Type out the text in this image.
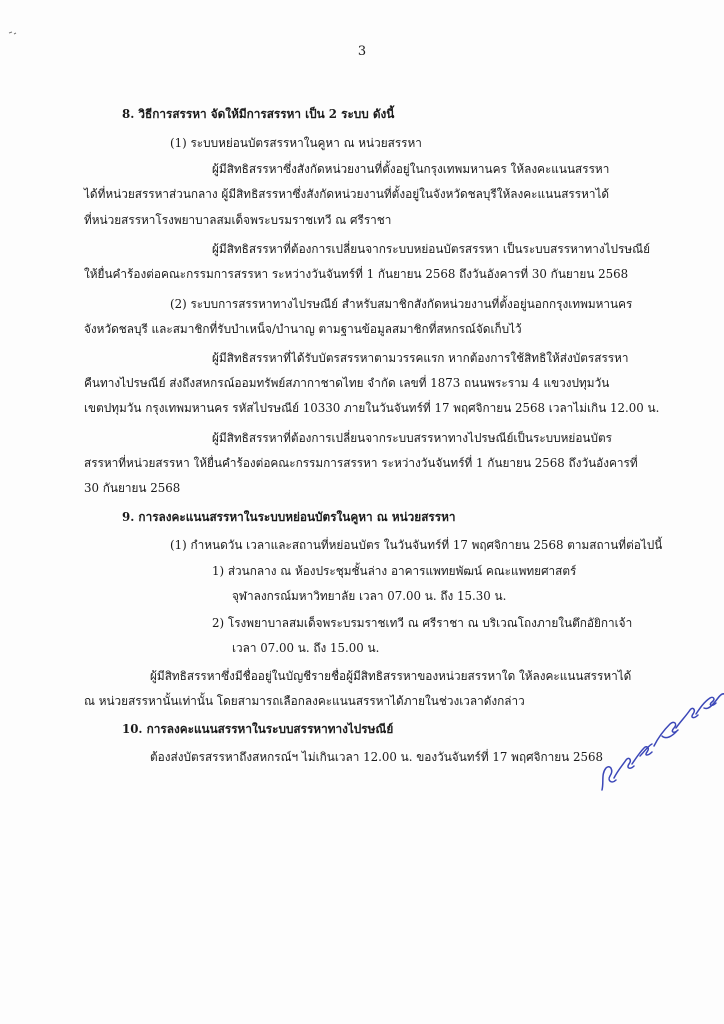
3
8. วิธีการสรรหา จัดให้มีการสรรหา เป็น 2 ระบบ ดังนี้
(1) ระบบหย่อนบัตรสรรหาในคูหา ณ หน่วยสรรหา
ผู้มีสิทธิสรรหาซึ่งสังกัดหน่วยงานที่ตั้งอยู่ในกรุงเทพมหานคร ให้ลงคะแนนสรรหา
ได้ที่หน่วยสรรหาส่วนกลาง ผู้มีสิทธิสรรหาซึ่งสังกัดหน่วยงานที่ตั้งอยู่ในจังหวัดชลบุรีให้ลงคะแนนสรรหาได้
ที่หน่วยสรรหาโรงพยาบาลสมเด็จพระบรมราชเทวี ณ ศรีราชา
ผู้มีสิทธิสรรหาที่ต้องการเปลี่ยนจากระบบหย่อนบัตรสรรหา เป็นระบบสรรหาทางไปรษณีย์
ให้ยื่นคำร้องต่อคณะกรรมการสรรหา ระหว่างวันจันทร์ที่ 1 กันยายน 2568 ถึงวันอังคารที่ 30 กันยายน 2568
(2) ระบบการสรรหาทางไปรษณีย์ สำหรับสมาชิกสังกัดหน่วยงานที่ตั้งอยู่นอกกรุงเทพมหานคร
จังหวัดชลบุรี และสมาชิกที่รับบำเหน็จ/บำนาญ ตามฐานข้อมูลสมาชิกที่สหกรณ์จัดเก็บไว้
ผู้มีสิทธิสรรหาที่ได้รับบัตรสรรหาตามวรรคแรก หากต้องการใช้สิทธิให้ส่งบัตรสรรหา
คืนทางไปรษณีย์ ส่งถึงสหกรณ์ออมทรัพย์สภากาชาดไทย จำกัด เลขที่ 1873 ถนนพระราม 4 แขวงปทุมวัน
เขตปทุมวัน กรุงเทพมหานคร รหัสไปรษณีย์ 10330 ภายในวันจันทร์ที่ 17 พฤศจิกายน 2568 เวลาไม่เกิน 12.00 น.
ผู้มีสิทธิสรรหาที่ต้องการเปลี่ยนจากระบบสรรหาทางไปรษณีย์เป็นระบบหย่อนบัตร
สรรหาที่หน่วยสรรหา ให้ยื่นคำร้องต่อคณะกรรมการสรรหา ระหว่างวันจันทร์ที่ 1 กันยายน 2568 ถึงวันอังคารที่
30 กันยายน 2568
9. การลงคะแนนสรรหาในระบบหย่อนบัตรในคูหา ณ หน่วยสรรหา
(1) กำหนดวัน เวลาและสถานที่หย่อนบัตร ในวันจันทร์ที่ 17 พฤศจิกายน 2568 ตามสถานที่ต่อไปนี้
1) ส่วนกลาง ณ ห้องประชุมชั้นล่าง อาคารแพทยพัฒน์ คณะแพทยศาสตร์
จุฬาลงกรณ์มหาวิทยาลัย เวลา 07.00 น. ถึง 15.30 น.
2) โรงพยาบาลสมเด็จพระบรมราชเทวี ณ ศรีราชา ณ บริเวณโถงภายในตึกอัยิกาเจ้า
เวลา 07.00 น. ถึง 15.00 น.
ผู้มีสิทธิสรรหาซึ่งมีชื่ออยู่ในบัญชีรายชื่อผู้มีสิทธิสรรหาของหน่วยสรรหาใด ให้ลงคะแนนสรรหาได้
ณ หน่วยสรรหานั้นเท่านั้น โดยสามารถเลือกลงคะแนนสรรหาได้ภายในช่วงเวลาดังกล่าว
10. การลงคะแนนสรรหาในระบบสรรหาทางไปรษณีย์
ต้องส่งบัตรสรรหาถึงสหกรณ์ฯ ไม่เกินเวลา 12.00 น. ของวันจันทร์ที่ 17 พฤศจิกายน 2568
